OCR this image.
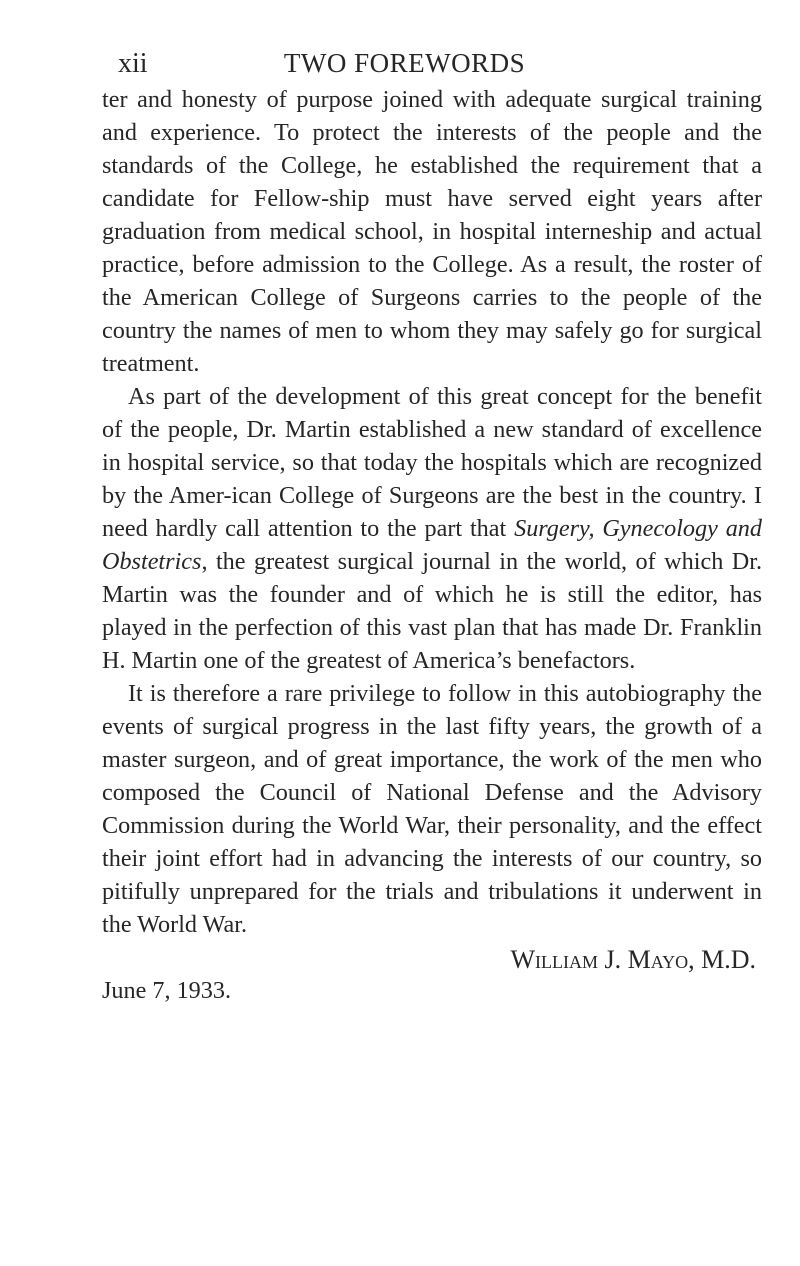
xii	TWO FOREWORDS

ter and honesty of purpose joined with adequate surgical training and experience. To protect the interests of the people and the standards of the College, he established the requirement that a candidate for Fellow-ship must have served eight years after graduation from medical school, in hospital interneship and actual practice, before admission to the College. As a result, the roster of the American College of Surgeons carries to the people of the country the names of men to whom they may safely go for surgical treatment.

As part of the development of this great concept for the benefit of the people, Dr. Martin established a new standard of excellence in hospital service, so that today the hospitals which are recognized by the Amer-ican College of Surgeons are the best in the country. I need hardly call attention to the part that Surgery, Gynecology and Obstetrics, the greatest surgical journal in the world, of which Dr. Martin was the founder and of which he is still the editor, has played in the perfection of this vast plan that has made Dr. Franklin H. Martin one of the greatest of America’s benefactors.

It is therefore a rare privilege to follow in this autobiography the events of surgical progress in the last fifty years, the growth of a master surgeon, and of great importance, the work of the men who composed the Council of National Defense and the Advisory Commission during the World War, their personality, and the effect their joint effort had in advancing the interests of our country, so pitifully unprepared for the trials and tribulations it underwent in the World War.

William J. Mayo, M.D.
June 7, 1933.
